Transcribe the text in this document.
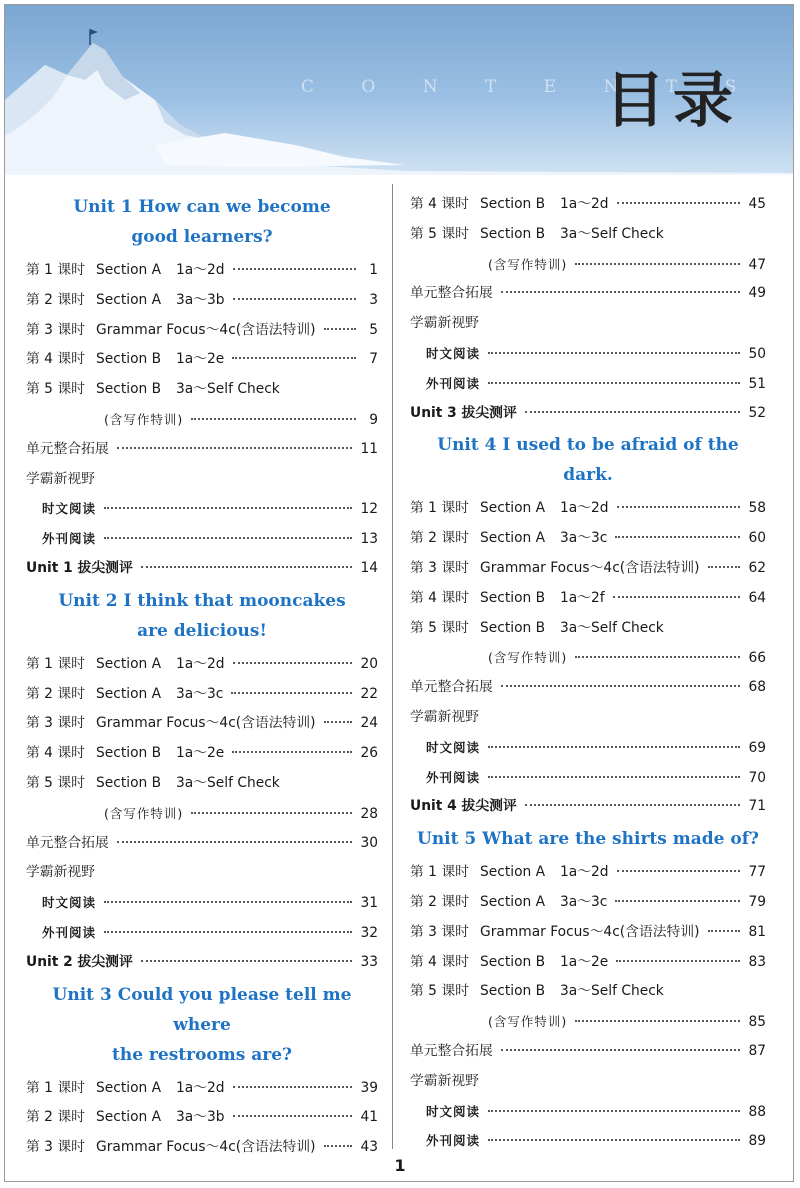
C O N T E N T S
目录
Unit 1 How can we become
good learners?
第 1 课时 Section A	1a～2d	1
第 2 课时 Section A	3a～3b	3
第 3 课时 Grammar Focus～4c(含语法特训)	5
第 4 课时 Section B	1a～2e	7
第 5 课时 Section B	3a～Self Check
(含写作特训)	9
单元整合拓展	11
学霸新视野
时文阅读	12
外刊阅读	13
Unit 1 拔尖测评	14
Unit 2 I think that mooncakes
are delicious!
第 1 课时 Section A	1a～2d	20
第 2 课时 Section A	3a～3c	22
第 3 课时 Grammar Focus～4c(含语法特训)	24
第 4 课时 Section B	1a～2e	26
第 5 课时 Section B	3a～Self Check
(含写作特训)	28
单元整合拓展	30
学霸新视野
时文阅读	31
外刊阅读	32
Unit 2 拔尖测评	33
Unit 3 Could you please tell me where
the restrooms are?
第 1 课时 Section A	1a～2d	39
第 2 课时 Section A	3a～3b	41
第 3 课时 Grammar Focus～4c(含语法特训)	43
第 4 课时 Section B	1a～2d	45
第 5 课时 Section B	3a～Self Check
(含写作特训)	47
单元整合拓展	49
学霸新视野
时文阅读	50
外刊阅读	51
Unit 3 拔尖测评	52
Unit 4 I used to be afraid of the dark.
第 1 课时 Section A	1a～2d	58
第 2 课时 Section A	3a～3c	60
第 3 课时 Grammar Focus～4c(含语法特训)	62
第 4 课时 Section B	1a～2f	64
第 5 课时 Section B	3a～Self Check
(含写作特训)	66
单元整合拓展	68
学霸新视野
时文阅读	69
外刊阅读	70
Unit 4 拔尖测评	71
Unit 5 What are the shirts made of?
第 1 课时 Section A	1a～2d	77
第 2 课时 Section A	3a～3c	79
第 3 课时 Grammar Focus～4c(含语法特训)	81
第 4 课时 Section B	1a～2e	83
第 5 课时 Section B	3a～Self Check
(含写作特训)	85
单元整合拓展	87
学霸新视野
时文阅读	88
外刊阅读	89
1
